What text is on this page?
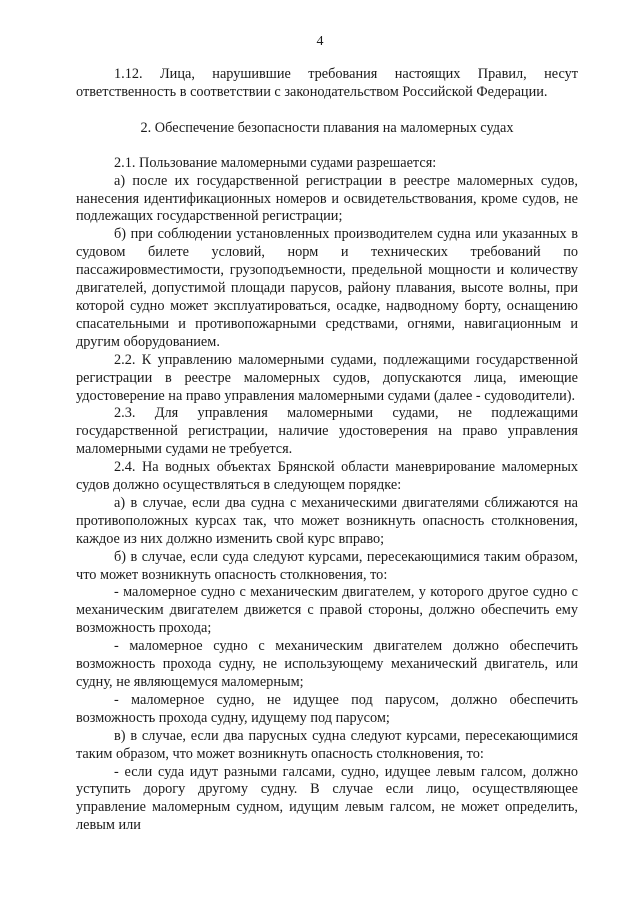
4

1.12. Лица, нарушившие требования настоящих Правил, несут ответственность в соответствии с законодательством Российской Федерации.

2. Обеспечение безопасности плавания на маломерных судах

2.1. Пользование маломерными судами разрешается:

а) после их государственной регистрации в реестре маломерных судов, нанесения идентификационных номеров и освидетельствования, кроме судов, не подлежащих государственной регистрации;

б) при соблюдении установленных производителем судна или указанных в судовом билете условий, норм и технических требований по пассажировместимости, грузоподъемности, предельной мощности и количеству двигателей, допустимой площади парусов, району плавания, высоте волны, при которой судно может эксплуатироваться, осадке, надводному борту, оснащению спасательными и противопожарными средствами, огнями, навигационным и другим оборудованием.

2.2. К управлению маломерными судами, подлежащими государственной регистрации в реестре маломерных судов, допускаются лица, имеющие удостоверение на право управления маломерными судами (далее - судоводители).

2.3. Для управления маломерными судами, не подлежащими государственной регистрации, наличие удостоверения на право управления маломерными судами не требуется.

2.4. На водных объектах Брянской области маневрирование маломерных судов должно осуществляться в следующем порядке:

а) в случае, если два судна с механическими двигателями сближаются на противоположных курсах так, что может возникнуть опасность столкновения, каждое из них должно изменить свой курс вправо;

б) в случае, если суда следуют курсами, пересекающимися таким образом, что может возникнуть опасность столкновения, то:

- маломерное судно с механическим двигателем, у которого другое судно с механическим двигателем движется с правой стороны, должно обеспечить ему возможность прохода;

- маломерное судно с механическим двигателем должно обеспечить возможность прохода судну, не использующему механический двигатель, или судну, не являющемуся маломерным;

- маломерное судно, не идущее под парусом, должно обеспечить возможность прохода судну, идущему под парусом;

в) в случае, если два парусных судна следуют курсами, пересекающимися таким образом, что может возникнуть опасность столкновения, то:

- если суда идут разными галсами, судно, идущее левым галсом, должно уступить дорогу другому судну. В случае если лицо, осуществляющее управление маломерным судном, идущим левым галсом, не может определить, левым или
